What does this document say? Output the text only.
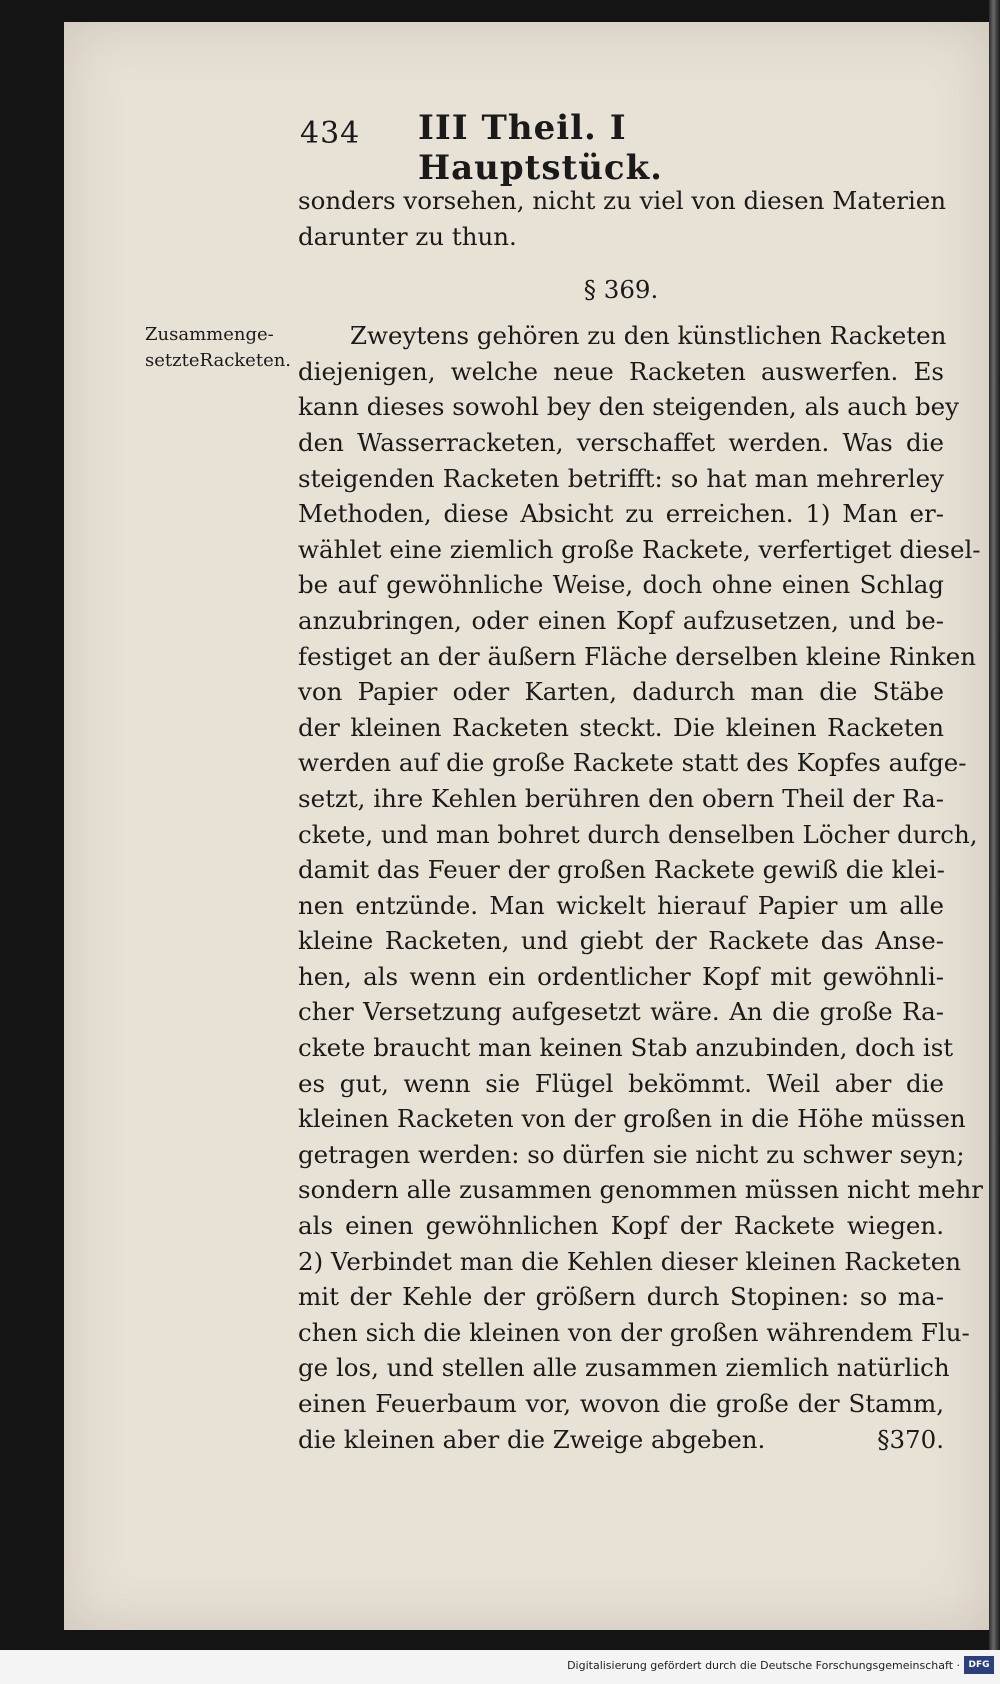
434 III Theil. I Hauptstück.
Zusammenge-
setzteRacketen.
sonders vorsehen, nicht zu viel von diesen Materien
darunter zu thun.
§ 369.
Zweytens gehören zu den künstlichen Racketen
diejenigen, welche neue Racketen auswerfen. Es
kann dieses sowohl bey den steigenden, als auch bey
den Wasserracketen, verschaffet werden. Was die
steigenden Racketen betrifft: so hat man mehrerley
Methoden, diese Absicht zu erreichen. 1) Man er-
wählet eine ziemlich große Rackete, verfertiget diesel-
be auf gewöhnliche Weise, doch ohne einen Schlag
anzubringen, oder einen Kopf aufzusetzen, und be-
festiget an der äußern Fläche derselben kleine Rinken
von Papier oder Karten, dadurch man die Stäbe
der kleinen Racketen steckt. Die kleinen Racketen
werden auf die große Rackete statt des Kopfes aufge-
setzt, ihre Kehlen berühren den obern Theil der Ra-
ckete, und man bohret durch denselben Löcher durch,
damit das Feuer der großen Rackete gewiß die klei-
nen entzünde. Man wickelt hierauf Papier um alle
kleine Racketen, und giebt der Rackete das Anse-
hen, als wenn ein ordentlicher Kopf mit gewöhnli-
cher Versetzung aufgesetzt wäre. An die große Ra-
ckete braucht man keinen Stab anzubinden, doch ist
es gut, wenn sie Flügel bekömmt. Weil aber die
kleinen Racketen von der großen in die Höhe müssen
getragen werden: so dürfen sie nicht zu schwer seyn;
sondern alle zusammen genommen müssen nicht mehr
als einen gewöhnlichen Kopf der Rackete wiegen.
2) Verbindet man die Kehlen dieser kleinen Racketen
mit der Kehle der größern durch Stopinen: so ma-
chen sich die kleinen von der großen währendem Flu-
ge los, und stellen alle zusammen ziemlich natürlich
einen Feuerbaum vor, wovon die große der Stamm,
die kleinen aber die Zweige abgeben.	§370.
Digitalisierung gefördert durch die Deutsche Forschungsgemeinschaft · DFG
